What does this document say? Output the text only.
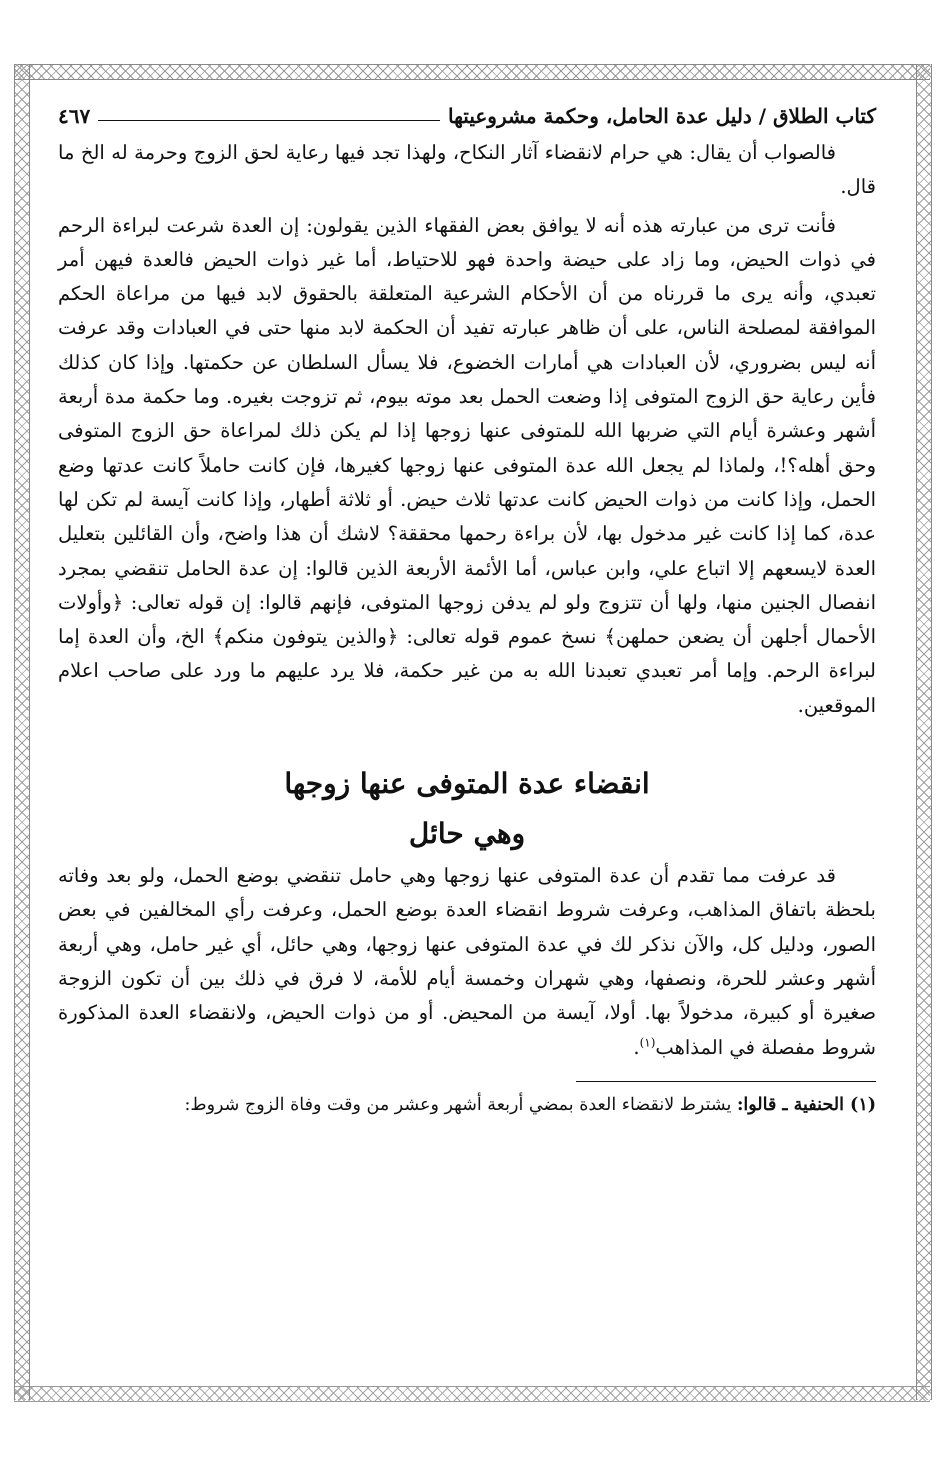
كتاب الطلاق / دليل عدة الحامل، وحكمة مشروعيتها
٤٦٧

فالصواب أن يقال: هي حرام لانقضاء آثار النكاح، ولهذا تجد فيها رعاية لحق الزوج وحرمة له الخ ما قال.

فأنت ترى من عبارته هذه أنه لا يوافق بعض الفقهاء الذين يقولون: إن العدة شرعت لبراءة الرحم في ذوات الحيض، وما زاد على حيضة واحدة فهو للاحتياط، أما غير ذوات الحيض فالعدة فيهن أمر تعبدي، وأنه يرى ما قررناه من أن الأحكام الشرعية المتعلقة بالحقوق لابد فيها من مراعاة الحكم الموافقة لمصلحة الناس، على أن ظاهر عبارته تفيد أن الحكمة لابد منها حتى في العبادات وقد عرفت أنه ليس بضروري، لأن العبادات هي أمارات الخضوع، فلا يسأل السلطان عن حكمتها. وإذا كان كذلك فأين رعاية حق الزوج المتوفى إذا وضعت الحمل بعد موته بيوم، ثم تزوجت بغيره. وما حكمة مدة أربعة أشهر وعشرة أيام التي ضربها الله للمتوفى عنها زوجها إذا لم يكن ذلك لمراعاة حق الزوج المتوفى وحق أهله؟!، ولماذا لم يجعل الله عدة المتوفى عنها زوجها كغيرها، فإن كانت حاملاً كانت عدتها وضع الحمل، وإذا كانت من ذوات الحيض كانت عدتها ثلاث حيض. أو ثلاثة أطهار، وإذا كانت آيسة لم تكن لها عدة، كما إذا كانت غير مدخول بها، لأن براءة رحمها محققة؟ لاشك أن هذا واضح، وأن القائلين بتعليل العدة لايسعهم إلا اتباع علي، وابن عباس، أما الأئمة الأربعة الذين قالوا: إن عدة الحامل تنقضي بمجرد انفصال الجنين منها، ولها أن تتزوج ولو لم يدفن زوجها المتوفى، فإنهم قالوا: إن قوله تعالى: ﴿وأولات الأحمال أجلهن أن يضعن حملهن﴾ نسخ عموم قوله تعالى: ﴿والذين يتوفون منكم﴾ الخ، وأن العدة إما لبراءة الرحم. وإما أمر تعبدي تعبدنا الله به من غير حكمة، فلا يرد عليهم ما ورد على صاحب اعلام الموقعين.

انقضاء عدة المتوفى عنها زوجها
وهي حائل

قد عرفت مما تقدم أن عدة المتوفى عنها زوجها وهي حامل تنقضي بوضع الحمل، ولو بعد وفاته بلحظة باتفاق المذاهب، وعرفت شروط انقضاء العدة بوضع الحمل، وعرفت رأي المخالفين في بعض الصور، ودليل كل، والآن نذكر لك في عدة المتوفى عنها زوجها، وهي حائل، أي غير حامل، وهي أربعة أشهر وعشر للحرة، ونصفها، وهي شهران وخمسة أيام للأمة، لا فرق في ذلك بين أن تكون الزوجة صغيرة أو كبيرة، مدخولاً بها. أولا، آيسة من المحيض. أو من ذوات الحيض، ولانقضاء العدة المذكورة شروط مفصلة في المذاهب$^{(١)}$.

(١) الحنفية ـ قالوا: يشترط لانقضاء العدة بمضي أربعة أشهر وعشر من وقت وفاة الزوج شروط:
